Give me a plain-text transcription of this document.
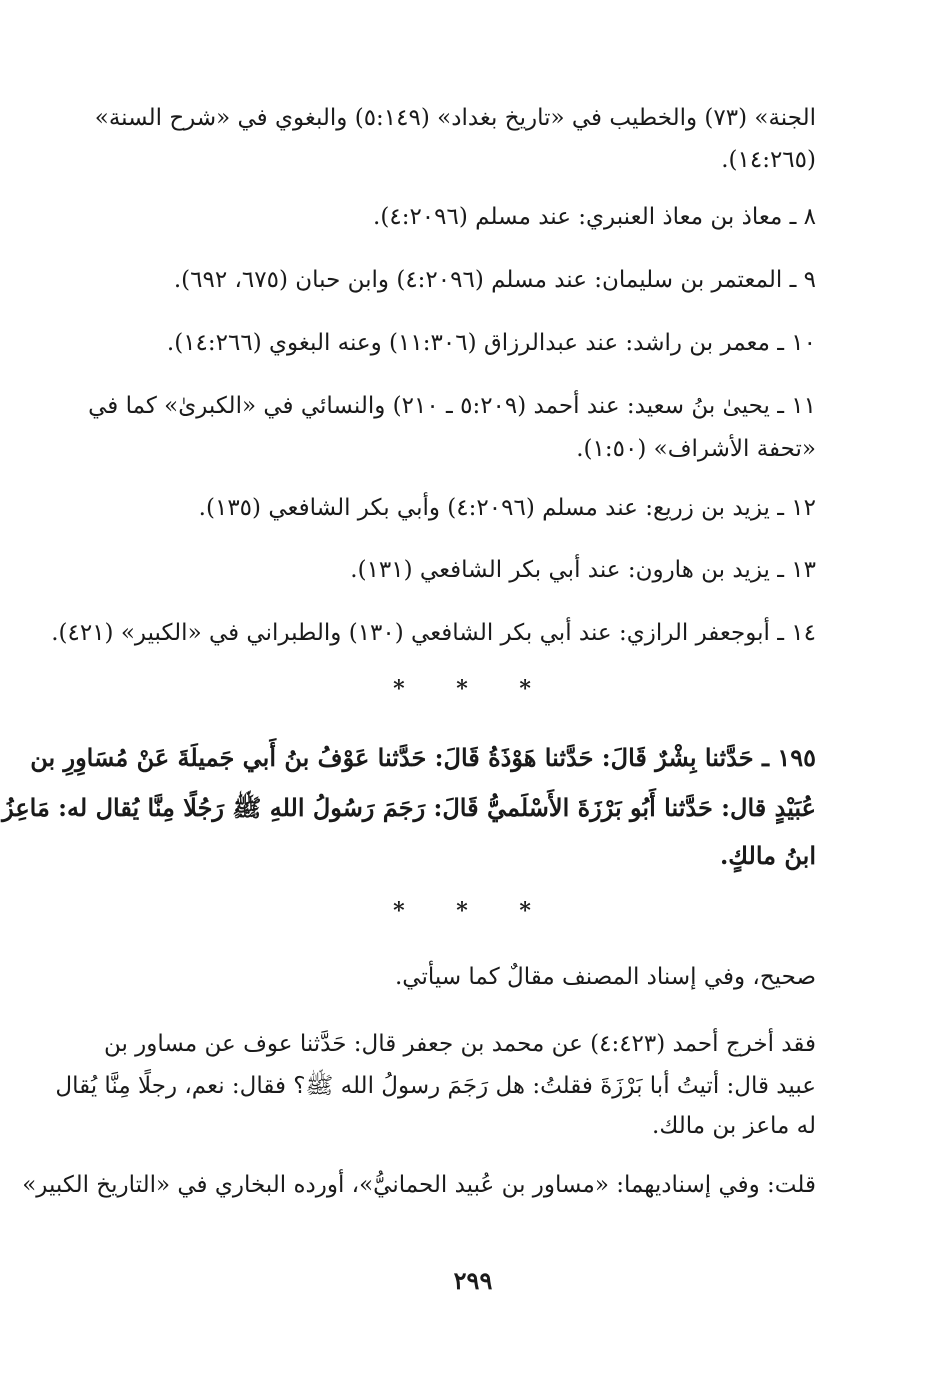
الجنة» (٧٣) والخطيب في «تاريخ بغداد» (٥:١٤٩) والبغوي في «شرح السنة»
(١٤:٢٦٥).
٨ ـ معاذ بن معاذ العنبري: عند مسلم (٤:٢٠٩٦).
٩ ـ المعتمر بن سليمان: عند مسلم (٤:٢٠٩٦) وابن حبان (٦٧٥، ٦٩٢).
١٠ ـ معمر بن راشد: عند عبدالرزاق (١١:٣٠٦) وعنه البغوي (١٤:٢٦٦).
١١ ـ يحيىٰ بنُ سعيد: عند أحمد (٥:٢٠٩ ـ ٢١٠) والنسائي في «الكبرىٰ» كما في
«تحفة الأشراف» (١:٥٠).
١٢ ـ يزيد بن زريع: عند مسلم (٤:٢٠٩٦) وأبي بكر الشافعي (١٣٥).
١٣ ـ يزيد بن هارون: عند أبي بكر الشافعي (١٣١).
١٤ ـ أبوجعفر الرازي: عند أبي بكر الشافعي (١٣٠) والطبراني في «الكبير» (٤٢١).
* * *
١٩٥ ـ حَدَّثنا بِشْرٌ قَالَ: حَدَّثنا هَوْذَةُ قَالَ: حَدَّثنا عَوْفُ بنُ أَبي جَميلَةَ عَنْ مُسَاوِرِ بن
عُبَيْدٍ قال: حَدَّثنا أَبُو بَرْزَةَ الأَسْلَميُّ قَالَ: رَجَمَ رَسُولُ اللهِ ﷺ رَجُلًا مِنَّا يُقال له: مَاعِزُ
ابنُ مالكٍ.
* * *
صحيح، وفي إسناد المصنف مقالٌ كما سيأتي.
فقد أخرج أحمد (٤:٤٢٣) عن محمد بن جعفر قال: حَدَّثنا عوف عن مساور بن
عبيد قال: أتيتُ أبا بَرْزَةَ فقلتُ: هل رَجَمَ رسولُ الله ﷺ؟ فقال: نعم، رجلًا مِنَّا يُقال
له ماعز بن مالك.
قلت: وفي إسناديهما: «مساور بن عُبيد الحمانيُّ»، أورده البخاري في «التاريخ الكبير»
٢٩٩
